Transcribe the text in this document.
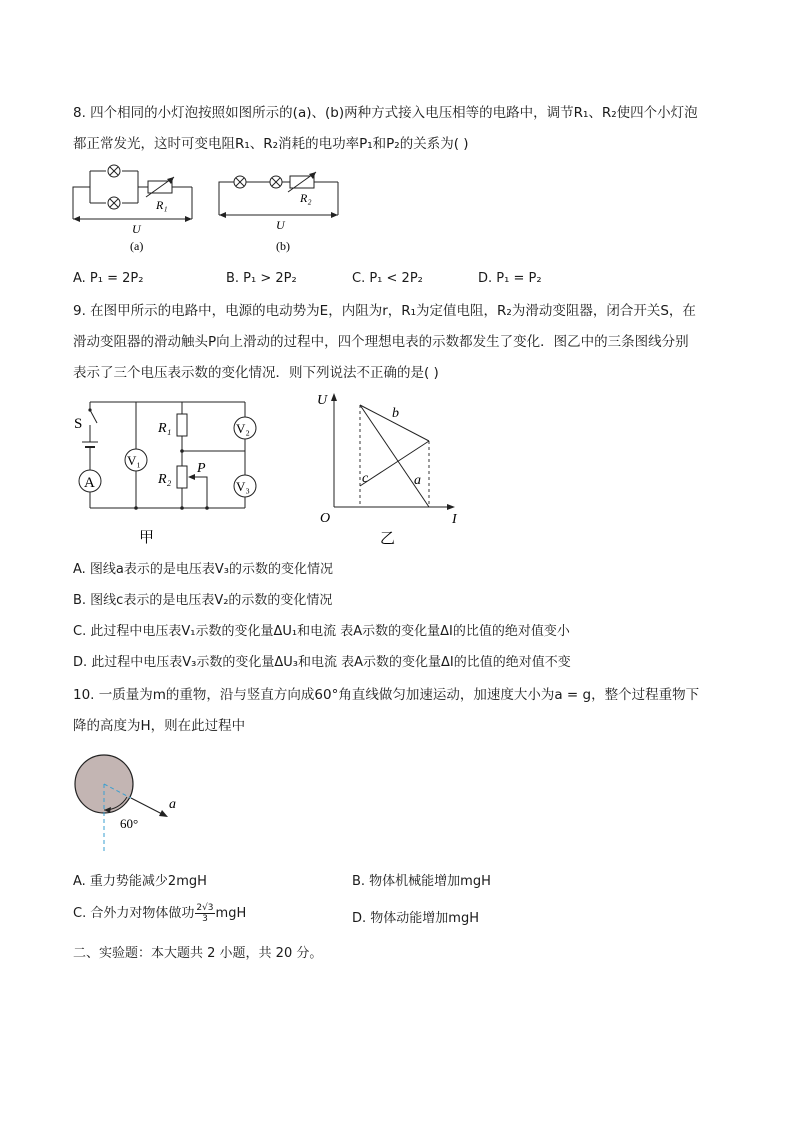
8. 四个相同的小灯泡按照如图所示的(a)、(b)两种方式接入电压相等的电路中，调节R₁、R₂使四个小灯泡
都正常发光，这时可变电阻R₁、R₂消耗的电功率P₁和P₂的关系为( )
R₁
U
(a)
R₂
U
(b)
A. P₁ = 2P₂	B. P₁ > 2P₂	C. P₁ < 2P₂	D. P₁ = P₂
9. 在图甲所示的电路中，电源的电动势为E，内阻为r，R₁为定值电阻，R₂为滑动变阻器，闭合开关S，在
滑动变阻器的滑动触头P向上滑动的过程中，四个理想电表的示数都发生了变化．图乙中的三条图线分别
表示了三个电压表示数的变化情况．则下列说法不正确的是( )
S
A
V₁
R₁
R₂
P
V₂
V₃
甲
U
O	I
b
c	a
乙
A. 图线a表示的是电压表V₃的示数的变化情况
B. 图线c表示的是电压表V₂的示数的变化情况
C. 此过程中电压表V₁示数的变化量ΔU₁和电流 表A示数的变化量ΔI的比值的绝对值变小
D. 此过程中电压表V₃示数的变化量ΔU₃和电流 表A示数的变化量ΔI的比值的绝对值不变
10. 一质量为m的重物，沿与竖直方向成60°角直线做匀加速运动，加速度大小为a = g，整个过程重物下
降的高度为H，则在此过程中
a
60°
A. 重力势能减少2mgH	B. 物体机械能增加mgH
C. 合外力对物体做功 $\frac{2√3}{3}$ mgH	D. 物体动能增加mgH
二、实验题：本大题共 2 小题，共 20 分。
